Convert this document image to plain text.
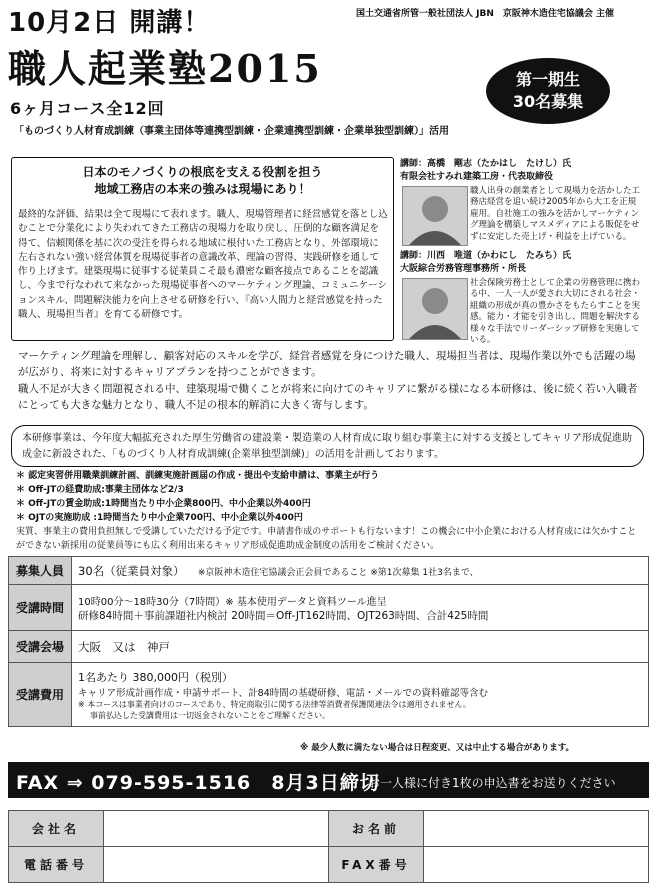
10月2日 開講！
職人起業塾2015
6ヶ月コース全12回
「ものづくり人材育成訓練（事業主団体等連携型訓練・企業連携型訓練・企業単独型訓練）」活用
国土交通省所管一般社団法人 JBN　京阪神木造住宅協議会 主催
第一期生
30名募集
日本のモノづくりの根底を支える役割を担う
地域工務店の本来の強みは現場にあり！
最終的な評価、結果は全て現場にて表れます。職人、現場管理者に経営感覚を落とし込むことで分業化により失われてきた工務店の現場力を取り戻し、圧倒的な顧客満足を得て、信頼関係を基に次の受注を得られる地域に根付いた工務店となり、外部環境に左右されない強い経営体質を現場従事者の意識改革、理論の習得、実践研修を通して作り上げます。建築現場に従事する従業員こそ最も濃密な顧客接点であることを認識し、今まで行なわれて来なかった現場従事者へのマーケティング理論、コミュニケーションスキル、問題解決能力を向上させる研修を行い、『高い人間力と経営感覚を持った職人、現場担当者』を育てる研修です。
講師：高橋　剛志（たかはし　たけし）氏
有限会社すみれ建築工房・代表取締役
職人出身の創業者として現場力を活かした工務店経営を追い続け2005年から大工を正規雇用。自社施工の強みを活かしマーケティング理論を構築しマスメディアによる販促をせずに安定した売上げ・利益を上げている。
講師：川西　唯道（かわにし　たみち）氏
大阪綜合労務管理事務所・所長
社会保険労務士として企業の労務管理に携わる中、一人一人が愛され大切にされる社会・組織の形成が真の豊かさをもたらすことを実感。能力・才能を引き出し、問題を解決する様々な手法でリーダーシップ研修を実施している。
マーケティング理論を理解し、顧客対応のスキルを学び、経営者感覚を身につけた職人、現場担当者は、現場作業以外でも活躍の場が広がり、将来に対するキャリアプランを持つことができます。
職人不足が大きく問題視される中、建築現場で働くことが将来に向けてのキャリアに繋がる様になる本研修は、後に続く若い入職者にとっても大きな魅力となり、職人不足の根本的解消に大きく寄与します。
本研修事業は、今年度大幅拡充された厚生労働省の建設業・製造業の人材育成に取り組む事業主に対する支援としてキャリア形成促進助成金に新設された、「ものづくり人材育成訓練(企業単独型訓練)」の活用を計画しております。
＊ 認定実習併用職業訓練計画、訓練実施計画届の作成・提出や支給申請は、事業主が行う
＊ Off-JTの経費助成:事業主団体など2/3
＊ Off-JTの賃金助成:1時間当たり中小企業800円、中小企業以外400円
＊ OJTの実施助成 :1時間当たり中小企業700円、中小企業以外400円
実質、事業主の費用負担無しで受講していただける予定です。申請書作成のサポートも行ないます！この機会に中小企業における人材育成には欠かすことができない新採用の従業員等にも広く利用出来るキャリア形成促進助成金制度の活用をご検討ください。
募集人員	30名（従業員対象） ※京阪神木造住宅協議会正会員であること ※第1次募集 1社3名まで、
受講時間	10時00分～18時30分（7時間）※ 基本使用データと資料ツール進呈
研修84時間＋事前課題社内検討 20時間＝Off-JT162時間、OJT263時間、合計425時間

受講会場	大阪　又は　神戸
受講費用	1名あたり 380,000円（税別）
キャリア形成計画作成・申請サポート、計84時間の基礎研修、電話・メールでの資料確認等含む
※ 本コースは事業者向けのコースであり、特定商取引に関する法律等消費者保護関連法令は適用されません。
事前払込した受講費用は一切返金されないことをご理解ください。
※ 最少人数に満たない場合は日程変更、又は中止する場合があります。
FAX ⇒ 079-595-1516　8月3日締切
お一人様に付き1枚の申込書をお送りください
会社名		お名前	
電話番号		FAX番号	
